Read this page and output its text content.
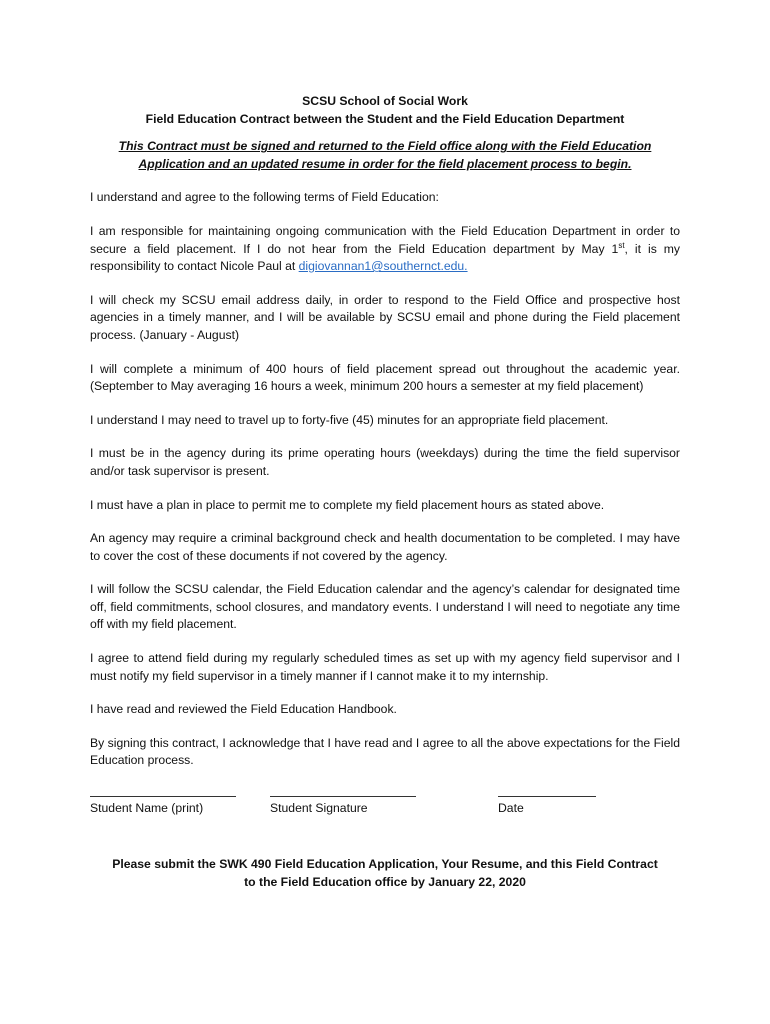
SCSU School of Social Work
Field Education Contract between the Student and the Field Education Department
This Contract must be signed and returned to the Field office along with the Field Education
Application and an updated resume in order for the field placement process to begin.

I understand and agree to the following terms of Field Education:

I am responsible for maintaining ongoing communication with the Field Education Department in order to secure a field placement. If I do not hear from the Field Education department by May 1st, it is my responsibility to contact Nicole Paul at digiovannan1@southernct.edu.

I will check my SCSU email address daily, in order to respond to the Field Office and prospective host agencies in a timely manner, and I will be available by SCSU email and phone during the Field placement process. (January - August)

I will complete a minimum of 400 hours of field placement spread out throughout the academic year. (September to May averaging 16 hours a week, minimum 200 hours a semester at my field placement)

I understand I may need to travel up to forty-five (45) minutes for an appropriate field placement.

I must be in the agency during its prime operating hours (weekdays) during the time the field supervisor and/or task supervisor is present.

I must have a plan in place to permit me to complete my field placement hours as stated above.

An agency may require a criminal background check and health documentation to be completed. I may have to cover the cost of these documents if not covered by the agency.

I will follow the SCSU calendar, the Field Education calendar and the agency’s calendar for designated time off, field commitments, school closures, and mandatory events. I understand I will need to negotiate any time off with my field placement.

I agree to attend field during my regularly scheduled times as set up with my agency field supervisor and I must notify my field supervisor in a timely manner if I cannot make it to my internship.

I have read and reviewed the Field Education Handbook.

By signing this contract, I acknowledge that I have read and I agree to all the above expectations for the Field Education process.

Student Name (print)	Student Signature	Date
Please submit the SWK 490 Field Education Application, Your Resume, and this Field Contract
to the Field Education office by January 22, 2020
